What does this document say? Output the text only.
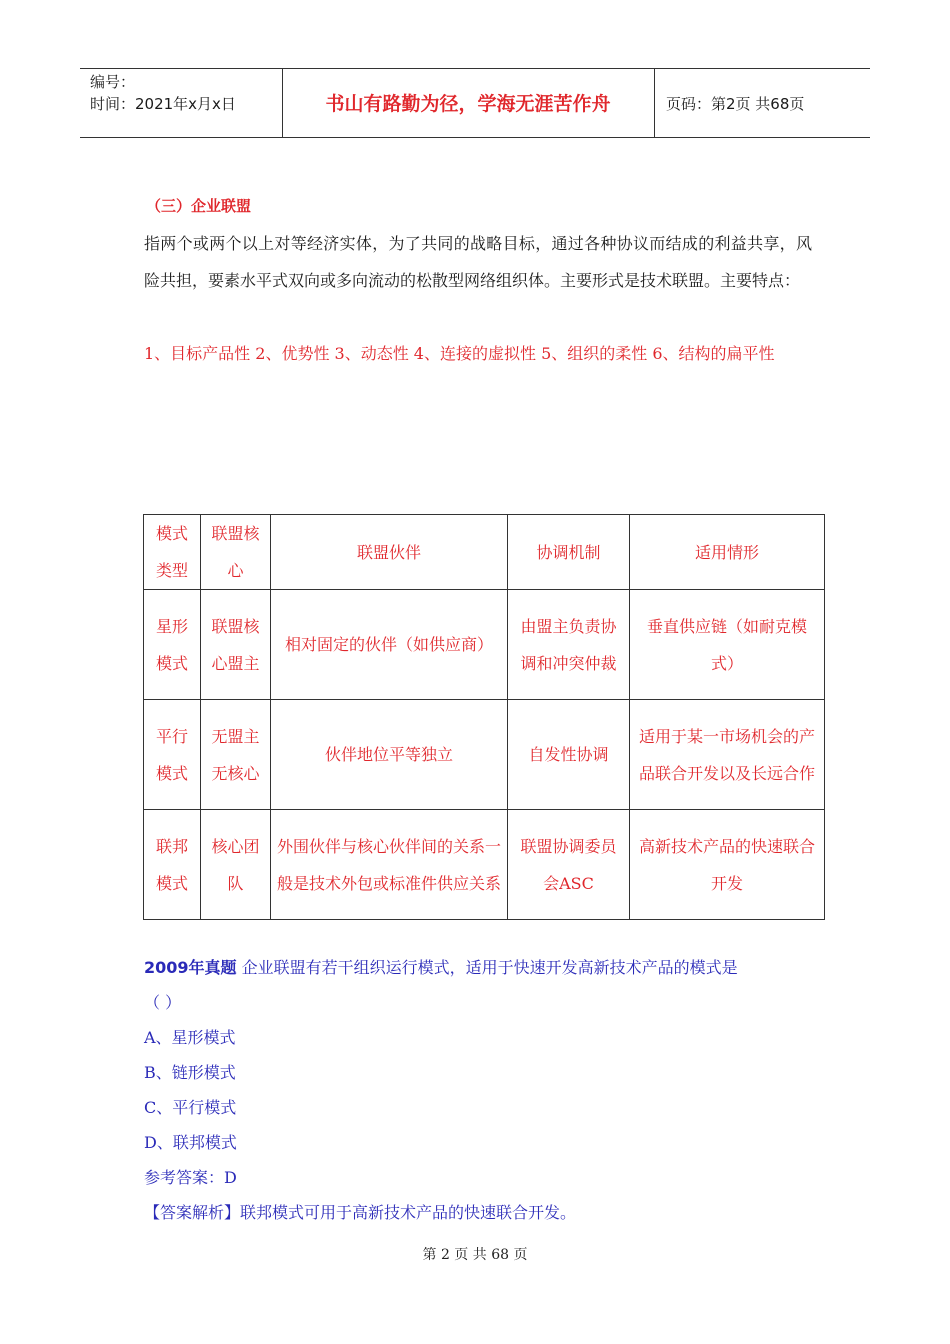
编号：
时间：2021年x月x日	书山有路勤为径，学海无涯苦作舟	页码：第2页 共68页
（三）企业联盟
指两个或两个以上对等经济实体，为了共同的战略目标，通过各种协议而结成的利益共享，风险共担，要素水平式双向或多向流动的松散型网络组织体。主要形式是技术联盟。主要特点：
1、目标产品性 2、优势性 3、动态性 4、连接的虚拟性 5、组织的柔性 6、结构的扁平性
模式类型	联盟核心	联盟伙伴	协调机制	适用情形
星形模式	联盟核心盟主	相对固定的伙伴（如供应商）	由盟主负责协调和冲突仲裁	垂直供应链（如耐克模式）
平行模式	无盟主无核心	伙伴地位平等独立	自发性协调	适用于某一市场机会的产品联合开发以及长远合作
联邦模式	核心团队	外围伙伴与核心伙伴间的关系一般是技术外包或标准件供应关系	联盟协调委员会ASC	高新技术产品的快速联合开发
2009年真题 企业联盟有若干组织运行模式，适用于快速开发高新技术产品的模式是
（ ）
A、星形模式
B、链形模式
C、平行模式
D、联邦模式
参考答案：D
【答案解析】联邦模式可用于高新技术产品的快速联合开发。
第 2 页 共 68 页
